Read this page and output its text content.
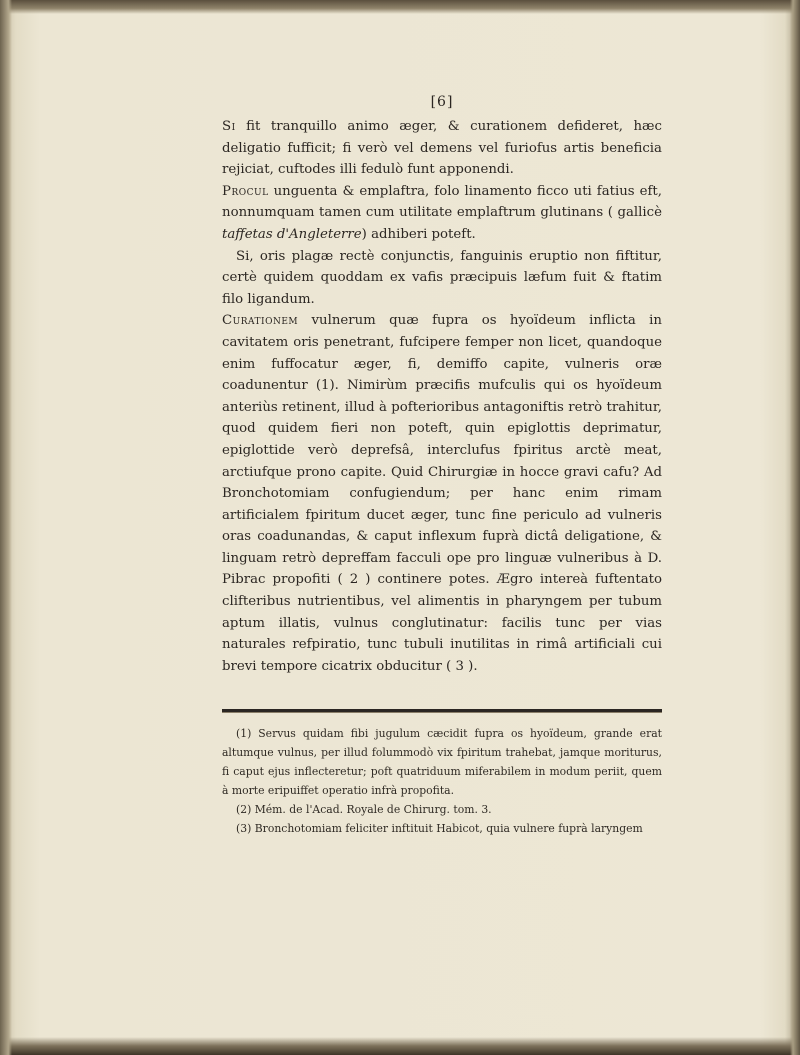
[6]

Si fit tranquillo animo æger, & curationem defideret, hæc deligatio fufficit; fi verò vel demens vel furiofus artis beneficia rejiciat, cuftodes illi fedulò funt apponendi.

Procul unguenta & emplaftra, folo linamento ficco uti fatius eft, nonnumquam tamen cum utilitate emplaftrum glutinans ( gallicè taffetas d'Angleterre) adhiberi poteft.

Si, oris plagæ rectè conjunctis, fanguinis eruptio non fiftitur, certè quidem quoddam ex vafis præcipuis læfum fuit & ftatim filo ligandum.

Curationem vulnerum quæ fupra os hyoïdeum inflicta in cavitatem oris penetrant, fufcipere femper non licet, quandoque enim fuffocatur æger, fi, demiffo capite, vulneris oræ coadunentur (1). Nimirùm præcifis mufculis qui os hyoïdeum anteriùs retinent, illud à pofterioribus antagoniftis retrò trahitur, quod quidem fieri non poteft, quin epiglottis deprimatur, epiglottide verò deprefsâ, interclufus fpiritus arctè meat, arctiufque prono capite. Quid Chirurgiæ in hocce gravi cafu? Ad Bronchotomiam confugiendum; per hanc enim rimam artificialem fpiritum ducet æger, tunc fine periculo ad vulneris oras coadunandas, & caput inflexum fuprà dictâ deligatione, & linguam retrò depreffam facculi ope pro linguæ vulneribus à D. Pibrac propofiti ( 2 ) continere potes. Ægro intereà fuftentato clifteribus nutrientibus, vel alimentis in pharyngem per tubum aptum illatis, vulnus conglutinatur: facilis tunc per vias naturales refpiratio, tunc tubuli inutilitas in rimâ artificiali cui brevi tempore cicatrix obducitur ( 3 ).

(1) Servus quidam fibi jugulum cæcidit fupra os hyoïdeum, grande erat altumque vulnus, per illud folummodò vix fpiritum trahebat, jamque moriturus, fi caput ejus inflecteretur; poft quatriduum miferabilem in modum periit, quem à morte eripuiffet operatio infrà propofita.

(2) Mém. de l'Acad. Royale de Chirurg. tom. 3.

(3) Bronchotomiam feliciter inftituit Habicot, quia vulnere fuprà laryngem
